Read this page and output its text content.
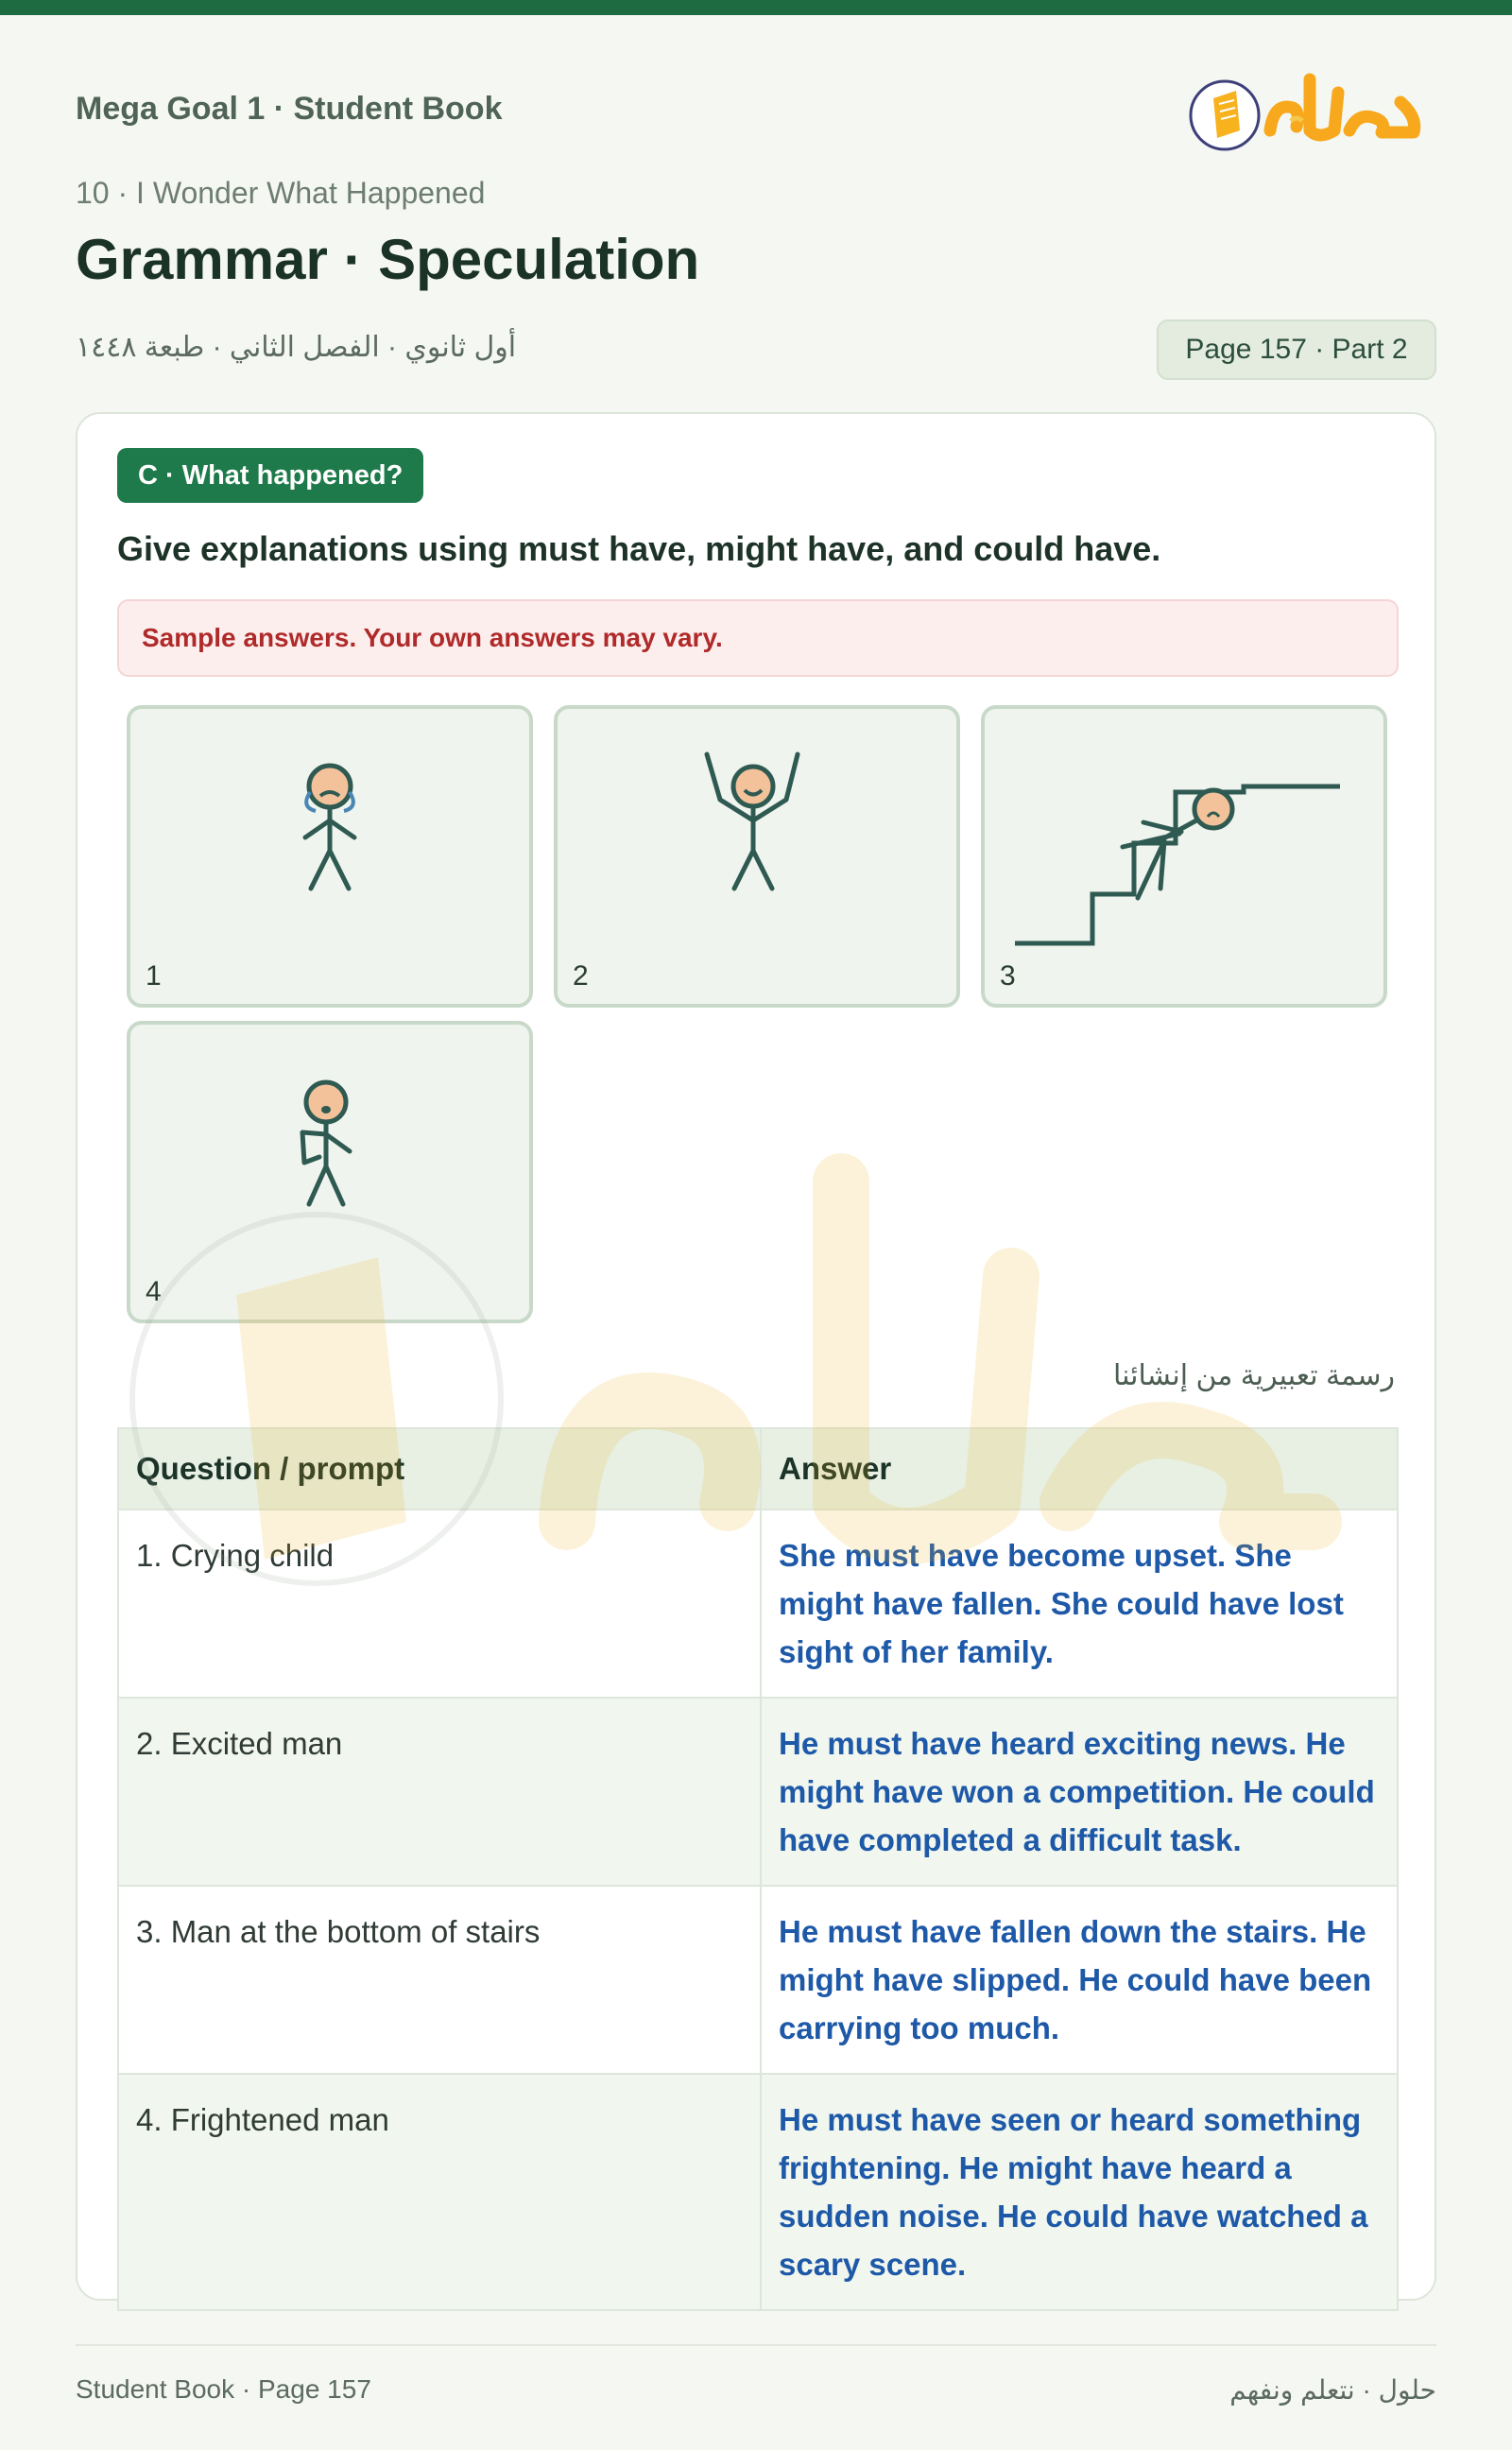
Mega Goal 1 · Student Book
10 · I Wonder What Happened
Grammar · Speculation
أول ثانوي · الفصل الثاني · طبعة ١٤٤٨	Page 157 · Part 2
C · What happened?
Give explanations using must have, might have, and could have.
Sample answers. Your own answers may vary.
1	2	3
4
رسمة تعبيرية من إنشائنا
Question / prompt	Answer
1. Crying child	She must have become upset. She might have fallen. She could have lost sight of her family.
2. Excited man	He must have heard exciting news. He might have won a competition. He could have completed a difficult task.
3. Man at the bottom of stairs	He must have fallen down the stairs. He might have slipped. He could have been carrying too much.
4. Frightened man	He must have seen or heard something frightening. He might have heard a sudden noise. He could have watched a scary scene.
Student Book · Page 157	حلول · نتعلم ونفهم
